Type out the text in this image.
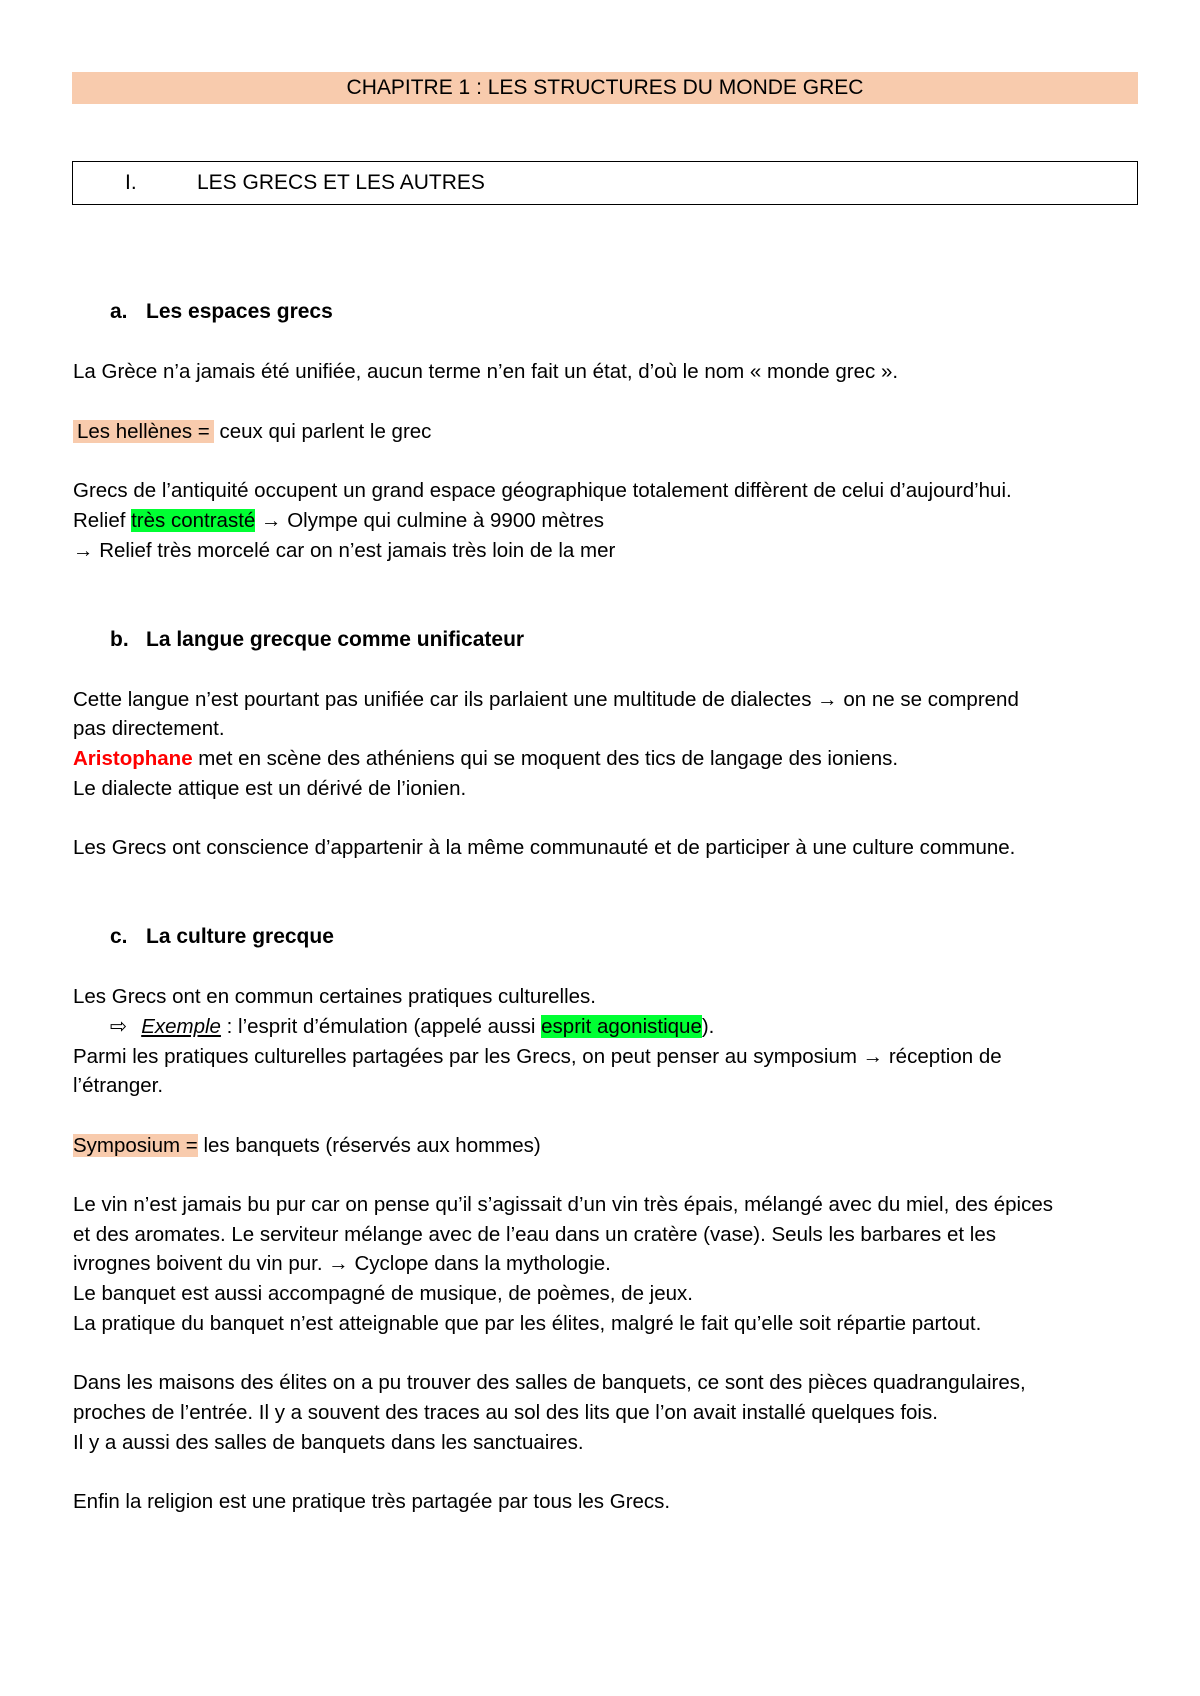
CHAPITRE 1 : LES STRUCTURES DU MONDE GREC
I.	LES GRECS ET LES AUTRES
a. Les espaces grecs
La Grèce n’a jamais été unifiée, aucun terme n’en fait un état, d’où le nom « monde grec ».
Les hellènes = ceux qui parlent le grec
Grecs de l’antiquité occupent un grand espace géographique totalement diffèrent de celui d’aujourd’hui.
Relief très contrasté → Olympe qui culmine à 9900 mètres
→ Relief très morcelé car on n’est jamais très loin de la mer
b. La langue grecque comme unificateur
Cette langue n’est pourtant pas unifiée car ils parlaient une multitude de dialectes → on ne se comprend
pas directement.
Aristophane met en scène des athéniens qui se moquent des tics de langage des ioniens.
Le dialecte attique est un dérivé de l’ionien.
Les Grecs ont conscience d’appartenir à la même communauté et de participer à une culture commune.
c. La culture grecque
Les Grecs ont en commun certaines pratiques culturelles.
⇨ Exemple : l’esprit d’émulation (appelé aussi esprit agonistique).
Parmi les pratiques culturelles partagées par les Grecs, on peut penser au symposium → réception de
l’étranger.
Symposium = les banquets (réservés aux hommes)
Le vin n’est jamais bu pur car on pense qu’il s’agissait d’un vin très épais, mélangé avec du miel, des épices
et des aromates. Le serviteur mélange avec de l’eau dans un cratère (vase). Seuls les barbares et les
ivrognes boivent du vin pur. → Cyclope dans la mythologie.
Le banquet est aussi accompagné de musique, de poèmes, de jeux.
La pratique du banquet n’est atteignable que par les élites, malgré le fait qu’elle soit répartie partout.
Dans les maisons des élites on a pu trouver des salles de banquets, ce sont des pièces quadrangulaires,
proches de l’entrée. Il y a souvent des traces au sol des lits que l’on avait installé quelques fois.
Il y a aussi des salles de banquets dans les sanctuaires.
Enfin la religion est une pratique très partagée par tous les Grecs.
